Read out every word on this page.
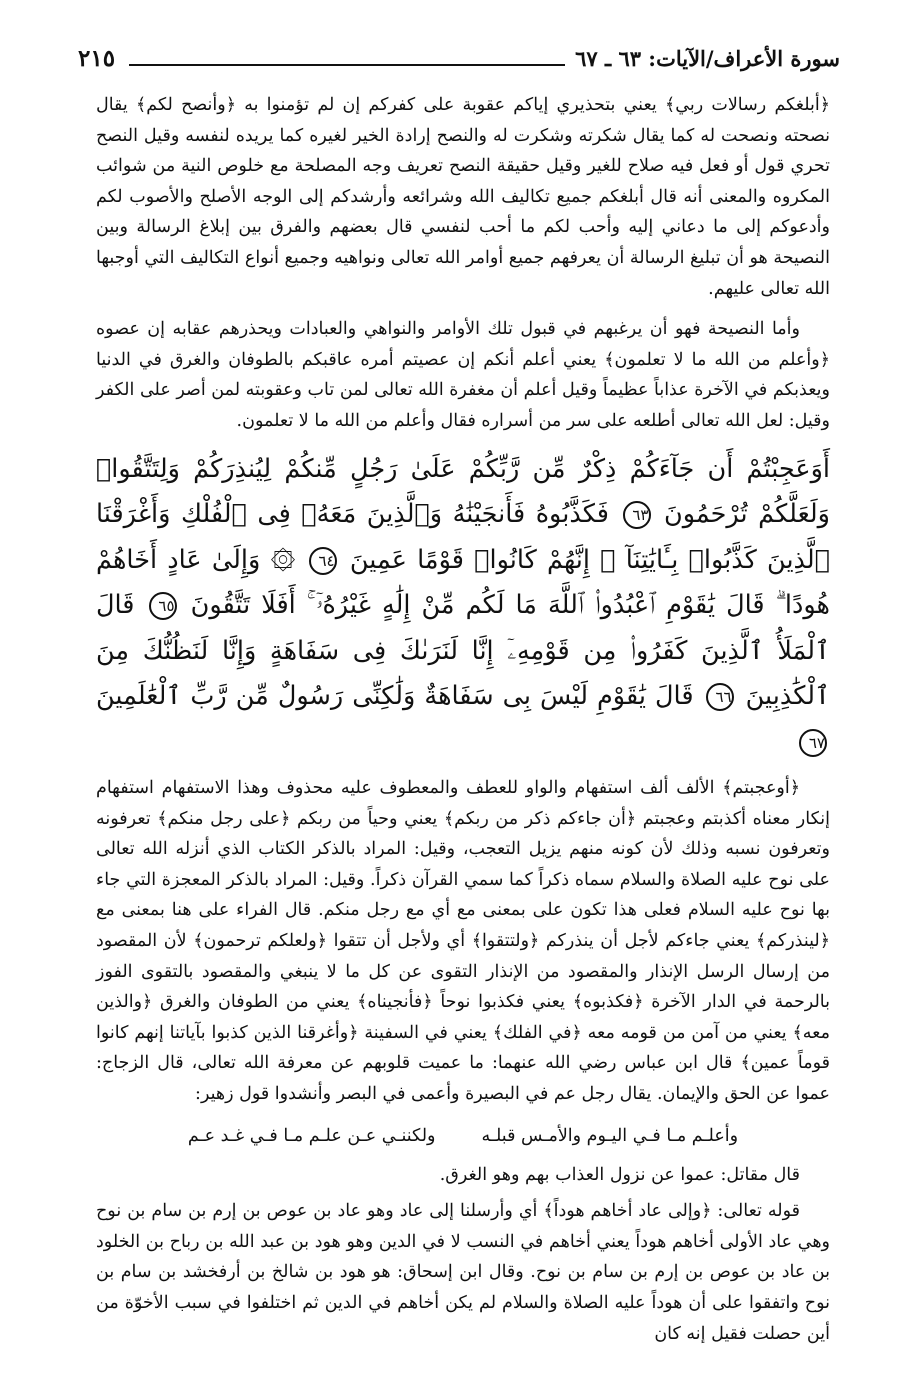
سورة الأعراف/الآيات: ٦٣ ـ ٦٧
٢١٥

﴿أبلغكم رسالات ربي﴾ يعني بتحذيري إياكم عقوبة على كفركم إن لم تؤمنوا به ﴿وأنصح لكم﴾ يقال نصحته ونصحت له كما يقال شكرته وشكرت له والنصح إرادة الخير لغيره كما يريده لنفسه وقيل النصح تحري قول أو فعل فيه صلاح للغير وقيل حقيقة النصح تعريف وجه المصلحة مع خلوص النية من شوائب المكروه والمعنى أنه قال أبلغكم جميع تكاليف الله وشرائعه وأرشدكم إلى الوجه الأصلح والأصوب لكم وأدعوكم إلى ما دعاني إليه وأحب لكم ما أحب لنفسي قال بعضهم والفرق بين إبلاغ الرسالة وبين النصيحة هو أن تبليغ الرسالة أن يعرفهم جميع أوامر الله تعالى ونواهيه وجميع أنواع التكاليف التي أوجبها الله تعالى عليهم.

وأما النصيحة فهو أن يرغبهم في قبول تلك الأوامر والنواهي والعبادات ويحذرهم عقابه إن عصوه ﴿وأعلم من الله ما لا تعلمون﴾ يعني أعلم أنكم إن عصيتم أمره عاقبكم بالطوفان والغرق في الدنيا ويعذبكم في الآخرة عذاباً عظيماً وقيل أعلم أن مغفرة الله تعالى لمن تاب وعقوبته لمن أصر على الكفر وقيل: لعل الله تعالى أطلعه على سر من أسراره فقال وأعلم من الله ما لا تعلمون.

أَوَعَجِبْتُمْ أَن جَآءَكُمْ ذِكْرٌ مِّن رَّبِّكُمْ عَلَىٰ رَجُلٍ مِّنكُمْ لِيُنذِرَكُمْ وَلِتَتَّقُوا۟ وَلَعَلَّكُمْ تُرْحَمُونَ ٦٣ فَكَذَّبُوهُ فَأَنجَيْنَٰهُ وَٱلَّذِينَ مَعَهُۥ فِى ٱلْفُلْكِ وَأَغْرَقْنَا ٱلَّذِينَ كَذَّبُوا۟ بِـَٔايَٰتِنَآ ۚ إِنَّهُمْ كَانُوا۟ قَوْمًا عَمِينَ ٦٤ ۞ وَإِلَىٰ عَادٍ أَخَاهُمْ هُودًا ۗ قَالَ يَٰقَوْمِ ٱعْبُدُوا۟ ٱللَّهَ مَا لَكُم مِّنْ إِلَٰهٍ غَيْرُهُۥٓ ۚ أَفَلَا تَتَّقُونَ ٦٥ قَالَ ٱلْمَلَأُ ٱلَّذِينَ كَفَرُوا۟ مِن قَوْمِهِۦٓ إِنَّا لَنَرَىٰكَ فِى سَفَاهَةٍ وَإِنَّا لَنَظُنُّكَ مِنَ ٱلْكَٰذِبِينَ ٦٦ قَالَ يَٰقَوْمِ لَيْسَ بِى سَفَاهَةٌ وَلَٰكِنِّى رَسُولٌ مِّن رَّبِّ ٱلْعَٰلَمِينَ ٦٧

﴿أوعجبتم﴾ الألف ألف استفهام والواو للعطف والمعطوف عليه محذوف وهذا الاستفهام استفهام إنكار معناه أكذبتم وعجبتم ﴿أن جاءكم ذكر من ربكم﴾ يعني وحياً من ربكم ﴿على رجل منكم﴾ تعرفونه وتعرفون نسبه وذلك لأن كونه منهم يزيل التعجب، وقيل: المراد بالذكر الكتاب الذي أنزله الله تعالى على نوح عليه الصلاة والسلام سماه ذكراً كما سمي القرآن ذكراً. وقيل: المراد بالذكر المعجزة التي جاء بها نوح عليه السلام فعلى هذا تكون على بمعنى مع أي مع رجل منكم. قال الفراء على هنا بمعنى مع ﴿لينذركم﴾ يعني جاءكم لأجل أن ينذركم ﴿ولتتقوا﴾ أي ولأجل أن تتقوا ﴿ولعلكم ترحمون﴾ لأن المقصود من إرسال الرسل الإنذار والمقصود من الإنذار التقوى عن كل ما لا ينبغي والمقصود بالتقوى الفوز بالرحمة في الدار الآخرة ﴿فكذبوه﴾ يعني فكذبوا نوحاً ﴿فأنجيناه﴾ يعني من الطوفان والغرق ﴿والذين معه﴾ يعني من آمن من قومه معه ﴿في الفلك﴾ يعني في السفينة ﴿وأغرقنا الذين كذبوا بآياتنا إنهم كانوا قوماً عمين﴾ قال ابن عباس رضي الله عنهما: ما عميت قلوبهم عن معرفة الله تعالى، قال الزجاج: عموا عن الحق والإيمان. يقال رجل عم في البصيرة وأعمى في البصر وأنشدوا قول زهير:

وأعلـم مـا فـي اليـوم والأمـس قبلـه
ولكننـي عـن علـم مـا فـي غـد عـم

قال مقاتل: عموا عن نزول العذاب بهم وهو الغرق.

قوله تعالى: ﴿وإلى عاد أخاهم هوداً﴾ أي وأرسلنا إلى عاد وهو عاد بن عوص بن إرم بن سام بن نوح وهي عاد الأولى أخاهم هوداً يعني أخاهم في النسب لا في الدين وهو هود بن عبد الله بن رباح بن الخلود بن عاد بن عوص بن إرم بن سام بن نوح. وقال ابن إسحاق: هو هود بن شالخ بن أرفخشد بن سام بن نوح واتفقوا على أن هوداً عليه الصلاة والسلام لم يكن أخاهم في الدين ثم اختلفوا في سبب الأخوّة من أين حصلت فقيل إنه كان
